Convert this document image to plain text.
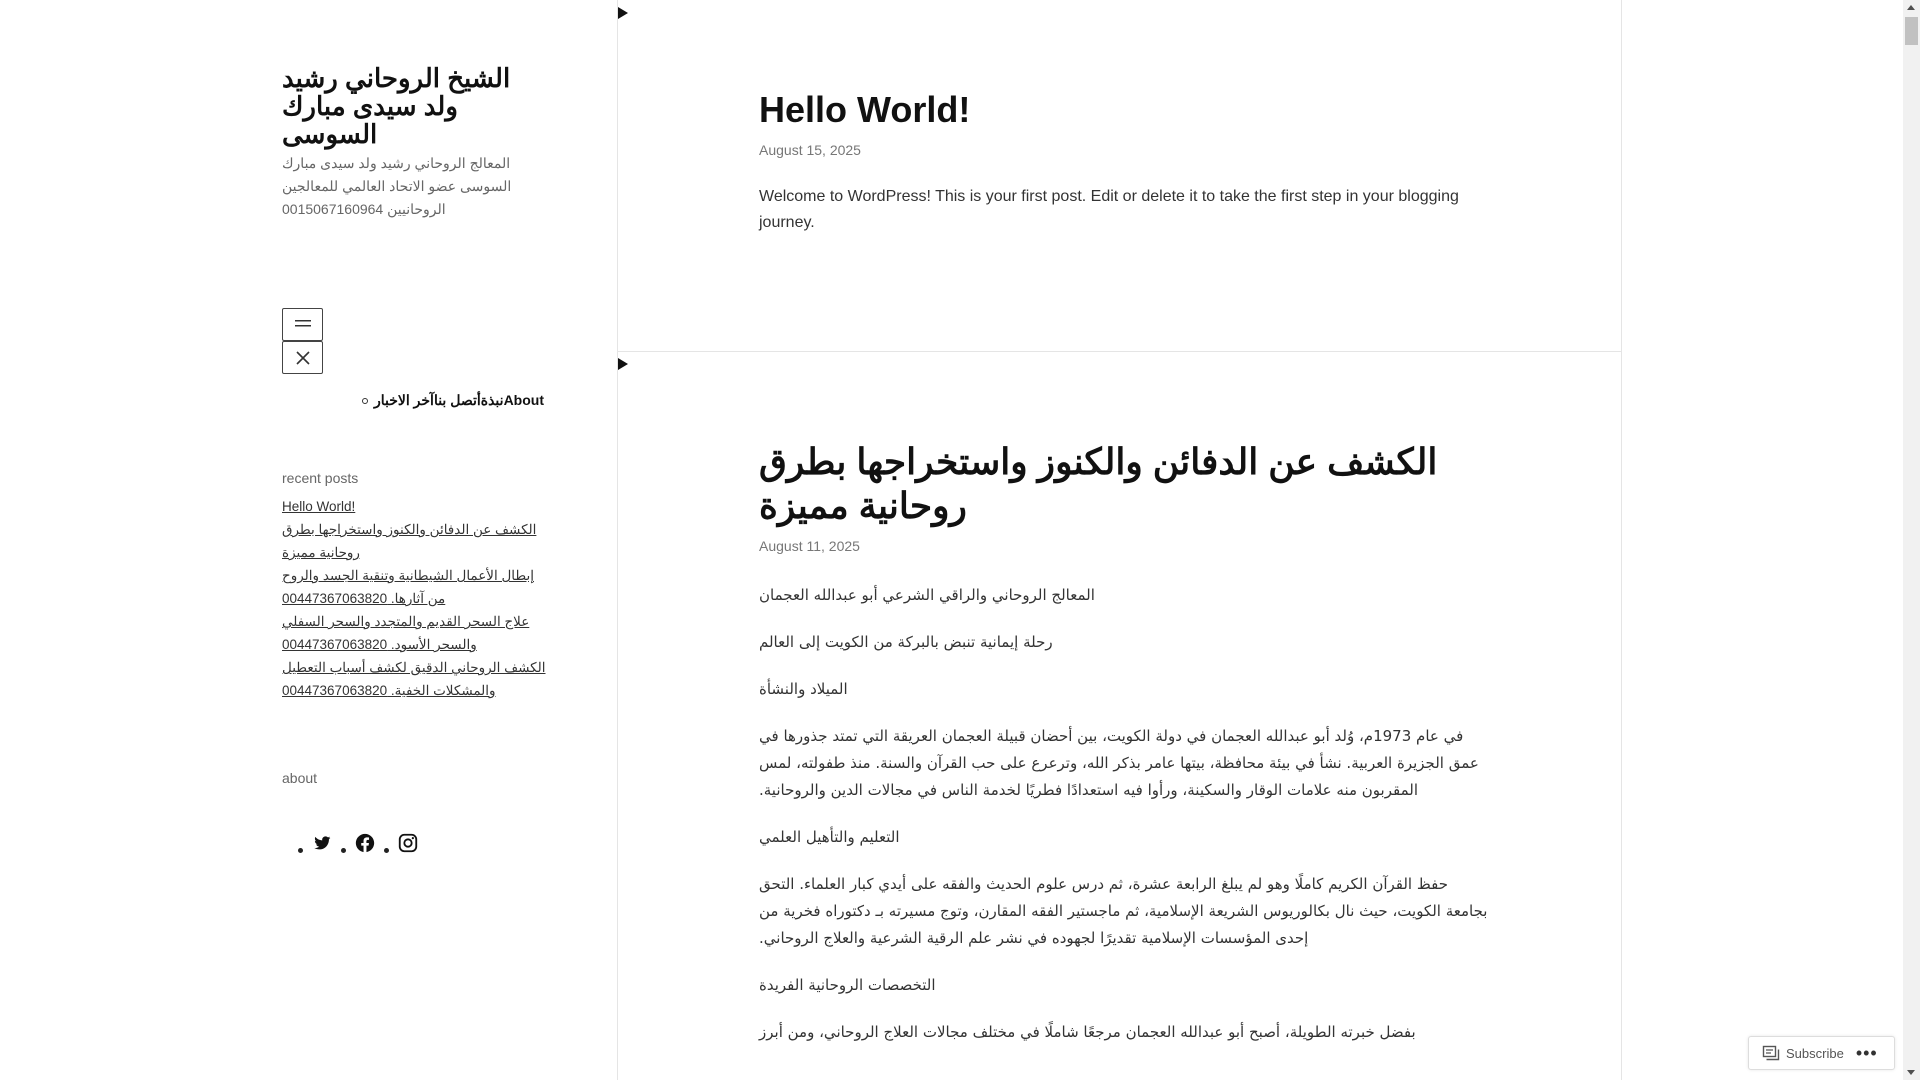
الشيخ الروحاني رشيد ولد سيدى مبارك السوسى
المعالج الروحاني رشيد ولد سيدى مبارك السوسى عضو الاتحاد العالمي للمعالجين الروحانيين 0015067160964
نبذةأتصل بناآخر الاخبارAbout
recent posts
Hello World!
الكشف عن الدفائن والكنوز واستخراجها بطرق روحانية مميزة
إبطال الأعمال الشيطانية وتنقية الجسد والروح من آثارها. 00447367063820
علاج السحر القديم والمتجدد والسحر السفلي والسحر الأسود. 00447367063820
الكشف الروحاني الدقيق لكشف أسباب التعطيل والمشكلات الخفية. 00447367063820
about
Hello World!
August 15, 2025
Welcome to WordPress! This is your first post. Edit or delete it to take the first step in your blogging journey.
الكشف عن الدفائن والكنوز واستخراجها بطرق روحانية مميزة
August 11, 2025

المعالج الروحاني والراقي الشرعي أبو عبدالله العجمان

رحلة إيمانية تنبض بالبركة من الكويت إلى العالم

الميلاد والنشأة

في عام 1973م، وُلد أبو عبدالله العجمان في دولة الكويت، بين أحضان قبيلة العجمان العريقة التي تمتد جذورها في عمق الجزيرة العربية. نشأ في بيئة محافظة، بيتها عامر بذكر الله، وترعرع على حب القرآن والسنة. منذ طفولته، لمس المقربون منه علامات الوقار والسكينة، ورأوا فيه استعدادًا فطريًا لخدمة الناس في مجالات الدين والروحانية.

التعليم والتأهيل العلمي

حفظ القرآن الكريم كاملًا وهو لم يبلغ الرابعة عشرة، ثم درس علوم الحديث والفقه على أيدي كبار العلماء. التحق بجامعة الكويت، حيث نال بكالوريوس الشريعة الإسلامية، ثم ماجستير الفقه المقارن، وتوج مسيرته بـ دكتوراه فخرية من إحدى المؤسسات الإسلامية تقديرًا لجهوده في نشر علم الرقية الشرعية والعلاج الروحاني.

التخصصات الروحانية الفريدة

بفضل خبرته الطويلة، أصبح أبو عبدالله العجمان مرجعًا شاملًا في مختلف مجالات العلاج الروحاني، ومن أبرز

Subscribe •••
